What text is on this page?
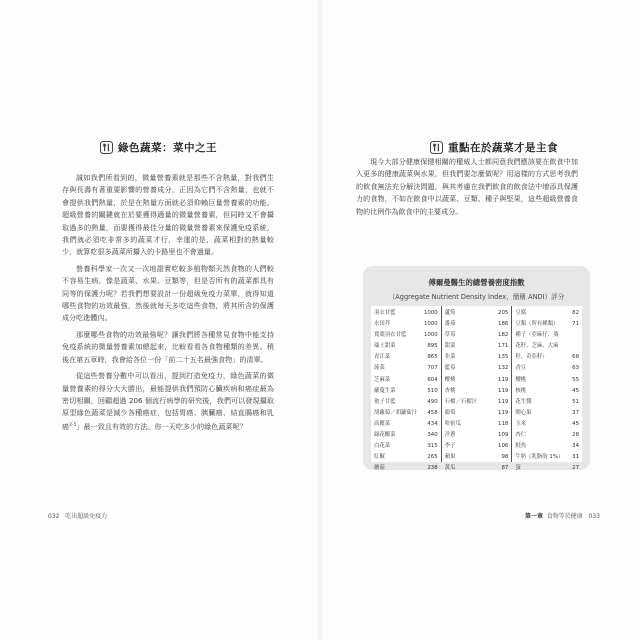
綠色蔬菜：菜中之王

誠如我們所看到的，微量營養素就是那些不含熱量，對我們生存與長壽有著重要影響的營養成分，正因為它們不含熱量，也就不會提供我們熱量，於是在熱量方面就必須仰賴巨量營養素的功能。超級營養的關鍵就在於要獲得適量的微量營養素，但同時又不會攝取過多的熱量，而要獲得最佳分量的微量營養素來保護免疫系統，我們就必須吃非常多的蔬菜才行，幸運的是，蔬菜相對的熱量較少，就算吃很多蔬菜所攝入的卡路里也不會過量。

營養科學家一次又一次地證實吃較多植物類天然食物的人們較不容易生病，像是蔬菜、水果、豆類等，但是否所有的蔬菜都具有同等的保護力呢？若我們想要設計一份超級免疫力菜單，就得知道哪些食物的功效最強，然後就每天多吃這些食物，將其所含的保護成分吃進體內。

那麼哪些食物的功效最強呢？讓我們將各種常見食物中能支持免疫系統的微量營養素加總起來，比較看看各食物種類的差異。稍後在第五章時，我會給各位一份「前二十五名最強食物」的清單。

從這些營養分數中可以看出，提到打造免疫力，綠色蔬菜的微量營養素的得分大大勝出，最能提供我們預防心臟疾病和癌症最為密切相關，回顧超過 206 個流行病學的研究後，我們可以發現攝取原型綠色蔬菜是減少各種癌症，包括胃癌、胰臟癌、結直腸癌和乳癌$^{2-5}$」最一致且有效的方法。你一天吃多少的綠色蔬菜呢？

032 吃出超級免疫力
重點在於蔬菜才是主食
第一章 食物等於健康 033

現今大部分健康保健相關的權威人士都同意我們應該要在飲食中加入更多的健康蔬菜與水果，但我們要怎麼做呢？用這樣的方式思考我們的飲食無法充分解決問題，與其考慮在我們飲食的飲食法中增添具保護力的食物，不如在飲食中以蔬菜、豆類、種子與堅果，這些超級營養食物的比例作為飲食中的主要成分。

傅爾曼醫生的總營養密度指數
（Aggregate Nutrient Density Index，簡稱 ANDI）評分
羽衣甘藍	1000
水田芥	1000
寬葉羽衣甘藍	1000
瑞士甜菜	895
青江菜	865
菠菜	707
芝麻菜	604
蘿蔓生菜	510
孢子甘藍	490
胡蘿蔔／胡蘿蔔汁 458
高麗菜	434
綠花椰菜	340
白花菜	315
紅椒	265
蘑菇	238
蘆筍	205
番茄	186
草莓	182
甜菜	171
韭菜	135
藍莓	132
櫻桃	119
杏桃	119
石榴／石榴汁	119
葡萄	119
哈密瓜	118
洋蔥	109
李子	106
蘋果	98
黃瓜	87
豆腐	82
豆類（所有種類）	71
種子（亞麻仔、葵
花籽、芝麻、大麻
籽、奇亞籽）	68
香豆	63
櫻桃	55
核桃	45
花生醬	51
開心果	37
玉米	45
杏仁	28
鮭魚	34
牛奶（乳脂肪 1%） 31
蛋	27
